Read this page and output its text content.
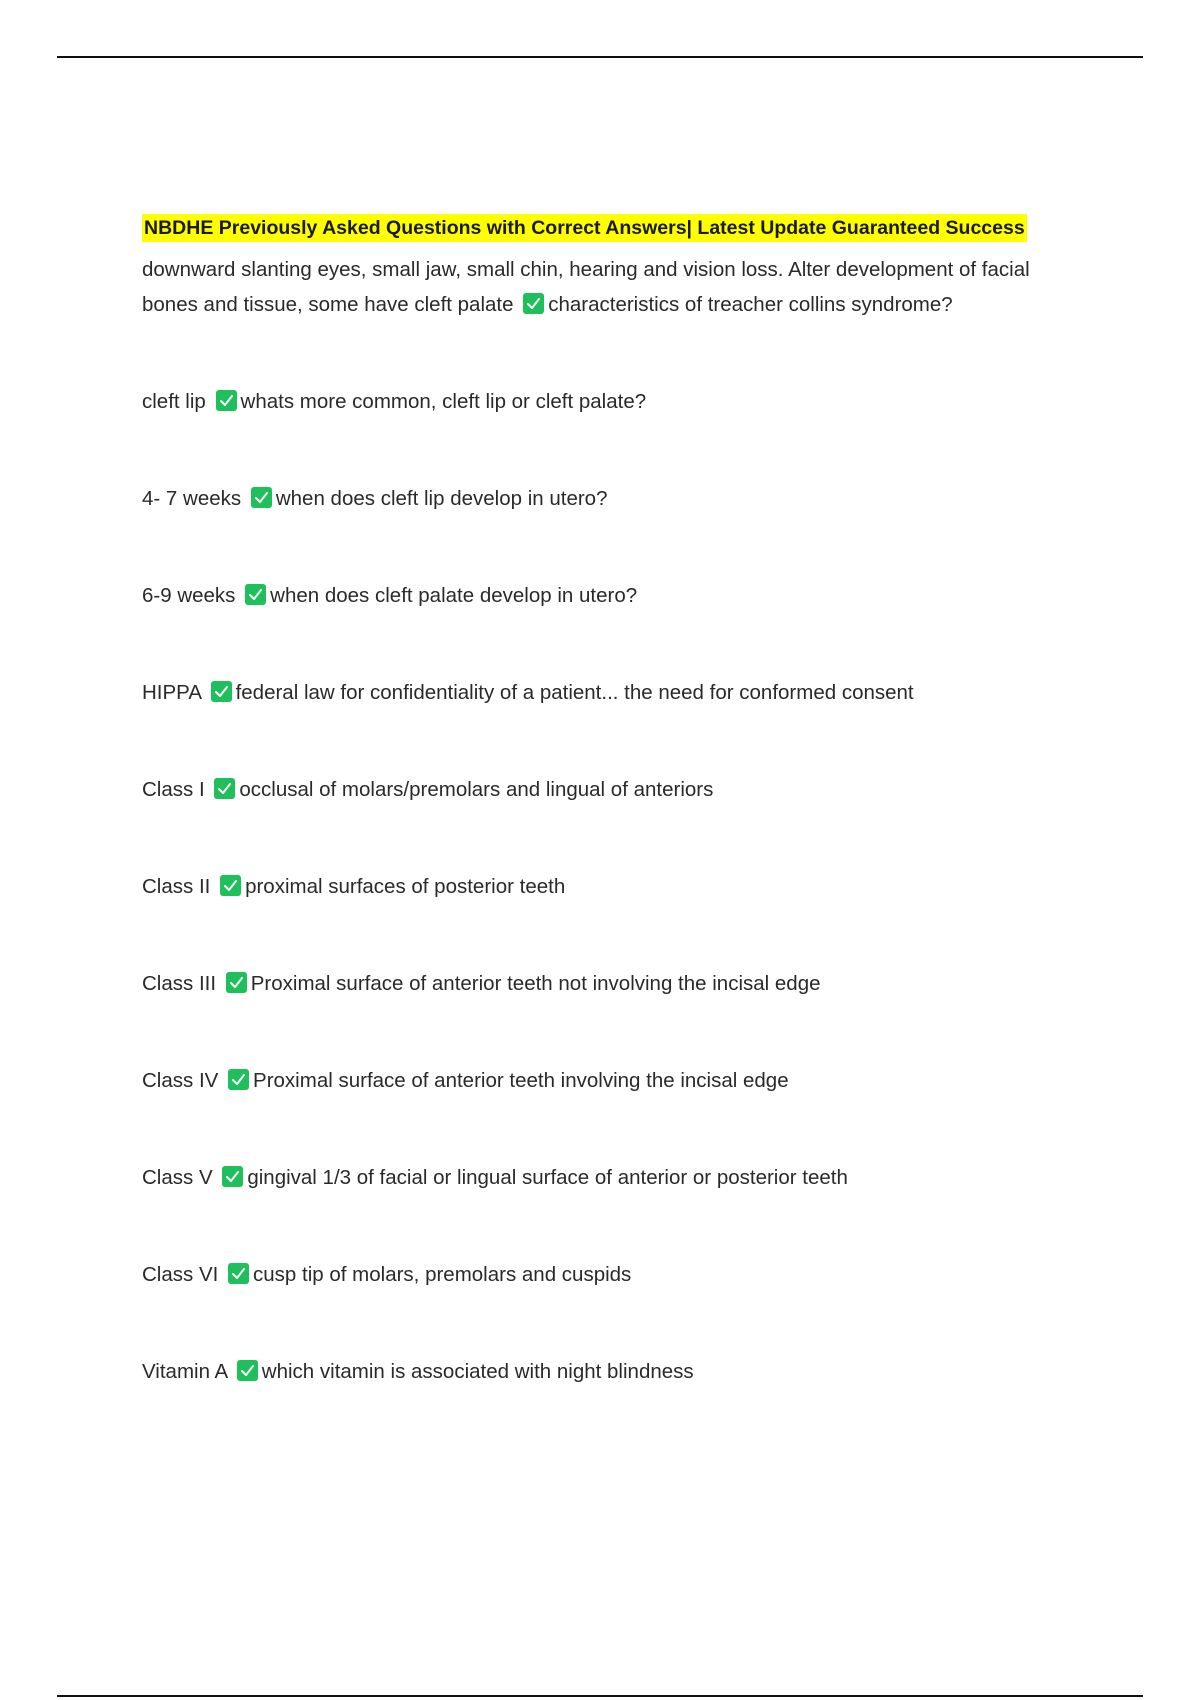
NBDHE Previously Asked Questions with Correct Answers| Latest Update Guaranteed Success
downward slanting eyes, small jaw, small chin, hearing and vision loss. Alter development of facial bones and tissue, some have cleft palate characteristics of treacher collins syndrome?
cleft lip whats more common, cleft lip or cleft palate?
4- 7 weeks when does cleft lip develop in utero?
6-9 weeks when does cleft palate develop in utero?
HIPPA federal law for confidentiality of a patient... the need for conformed consent
Class I occlusal of molars/premolars and lingual of anteriors
Class II proximal surfaces of posterior teeth
Class III Proximal surface of anterior teeth not involving the incisal edge
Class IV Proximal surface of anterior teeth involving the incisal edge
Class V gingival 1/3 of facial or lingual surface of anterior or posterior teeth
Class VI cusp tip of molars, premolars and cuspids
Vitamin A which vitamin is associated with night blindness
